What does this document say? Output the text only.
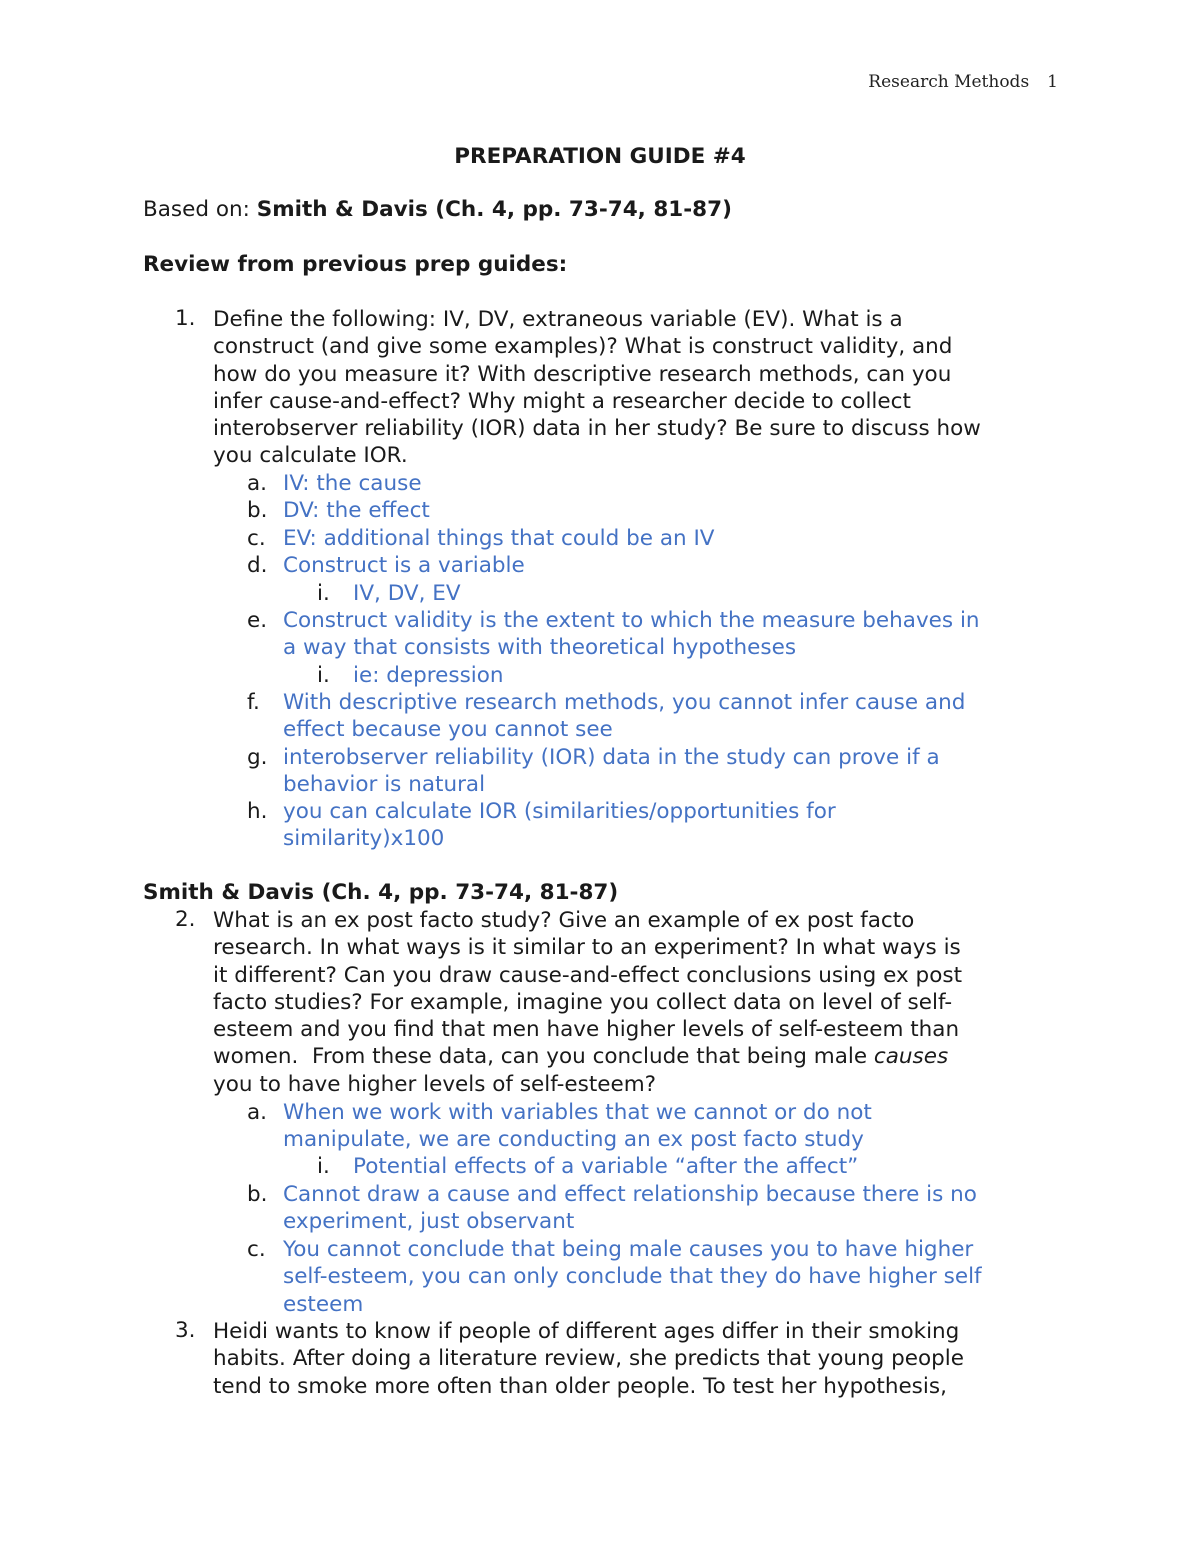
Research Methods 1
PREPARATION GUIDE #4
Based on: Smith & Davis (Ch. 4, pp. 73-74, 81-87)
Review from previous prep guides:
1. Define the following: IV, DV, extraneous variable (EV). What is a
construct (and give some examples)? What is construct validity, and
how do you measure it? With descriptive research methods, can you
infer cause-and-effect? Why might a researcher decide to collect
interobserver reliability (IOR) data in her study? Be sure to discuss how
you calculate IOR.
a. IV: the cause
b. DV: the effect
c. EV: additional things that could be an IV
d. Construct is a variable
i. IV, DV, EV
e. Construct validity is the extent to which the measure behaves in
a way that consists with theoretical hypotheses
i. ie: depression
f. With descriptive research methods, you cannot infer cause and
effect because you cannot see
g. interobserver reliability (IOR) data in the study can prove if a
behavior is natural
h. you can calculate IOR (similarities/opportunities for
similarity)x100
Smith & Davis (Ch. 4, pp. 73-74, 81-87)
2. What is an ex post facto study? Give an example of ex post facto
research. In what ways is it similar to an experiment? In what ways is
it different? Can you draw cause-and-effect conclusions using ex post
facto studies? For example, imagine you collect data on level of self-
esteem and you find that men have higher levels of self-esteem than
women.  From these data, can you conclude that being male causes
you to have higher levels of self-esteem?
a. When we work with variables that we cannot or do not
manipulate, we are conducting an ex post facto study
i. Potential effects of a variable “after the affect”
b. Cannot draw a cause and effect relationship because there is no
experiment, just observant
c. You cannot conclude that being male causes you to have higher
self-esteem, you can only conclude that they do have higher self
esteem
3. Heidi wants to know if people of different ages differ in their smoking
habits. After doing a literature review, she predicts that young people
tend to smoke more often than older people. To test her hypothesis,
